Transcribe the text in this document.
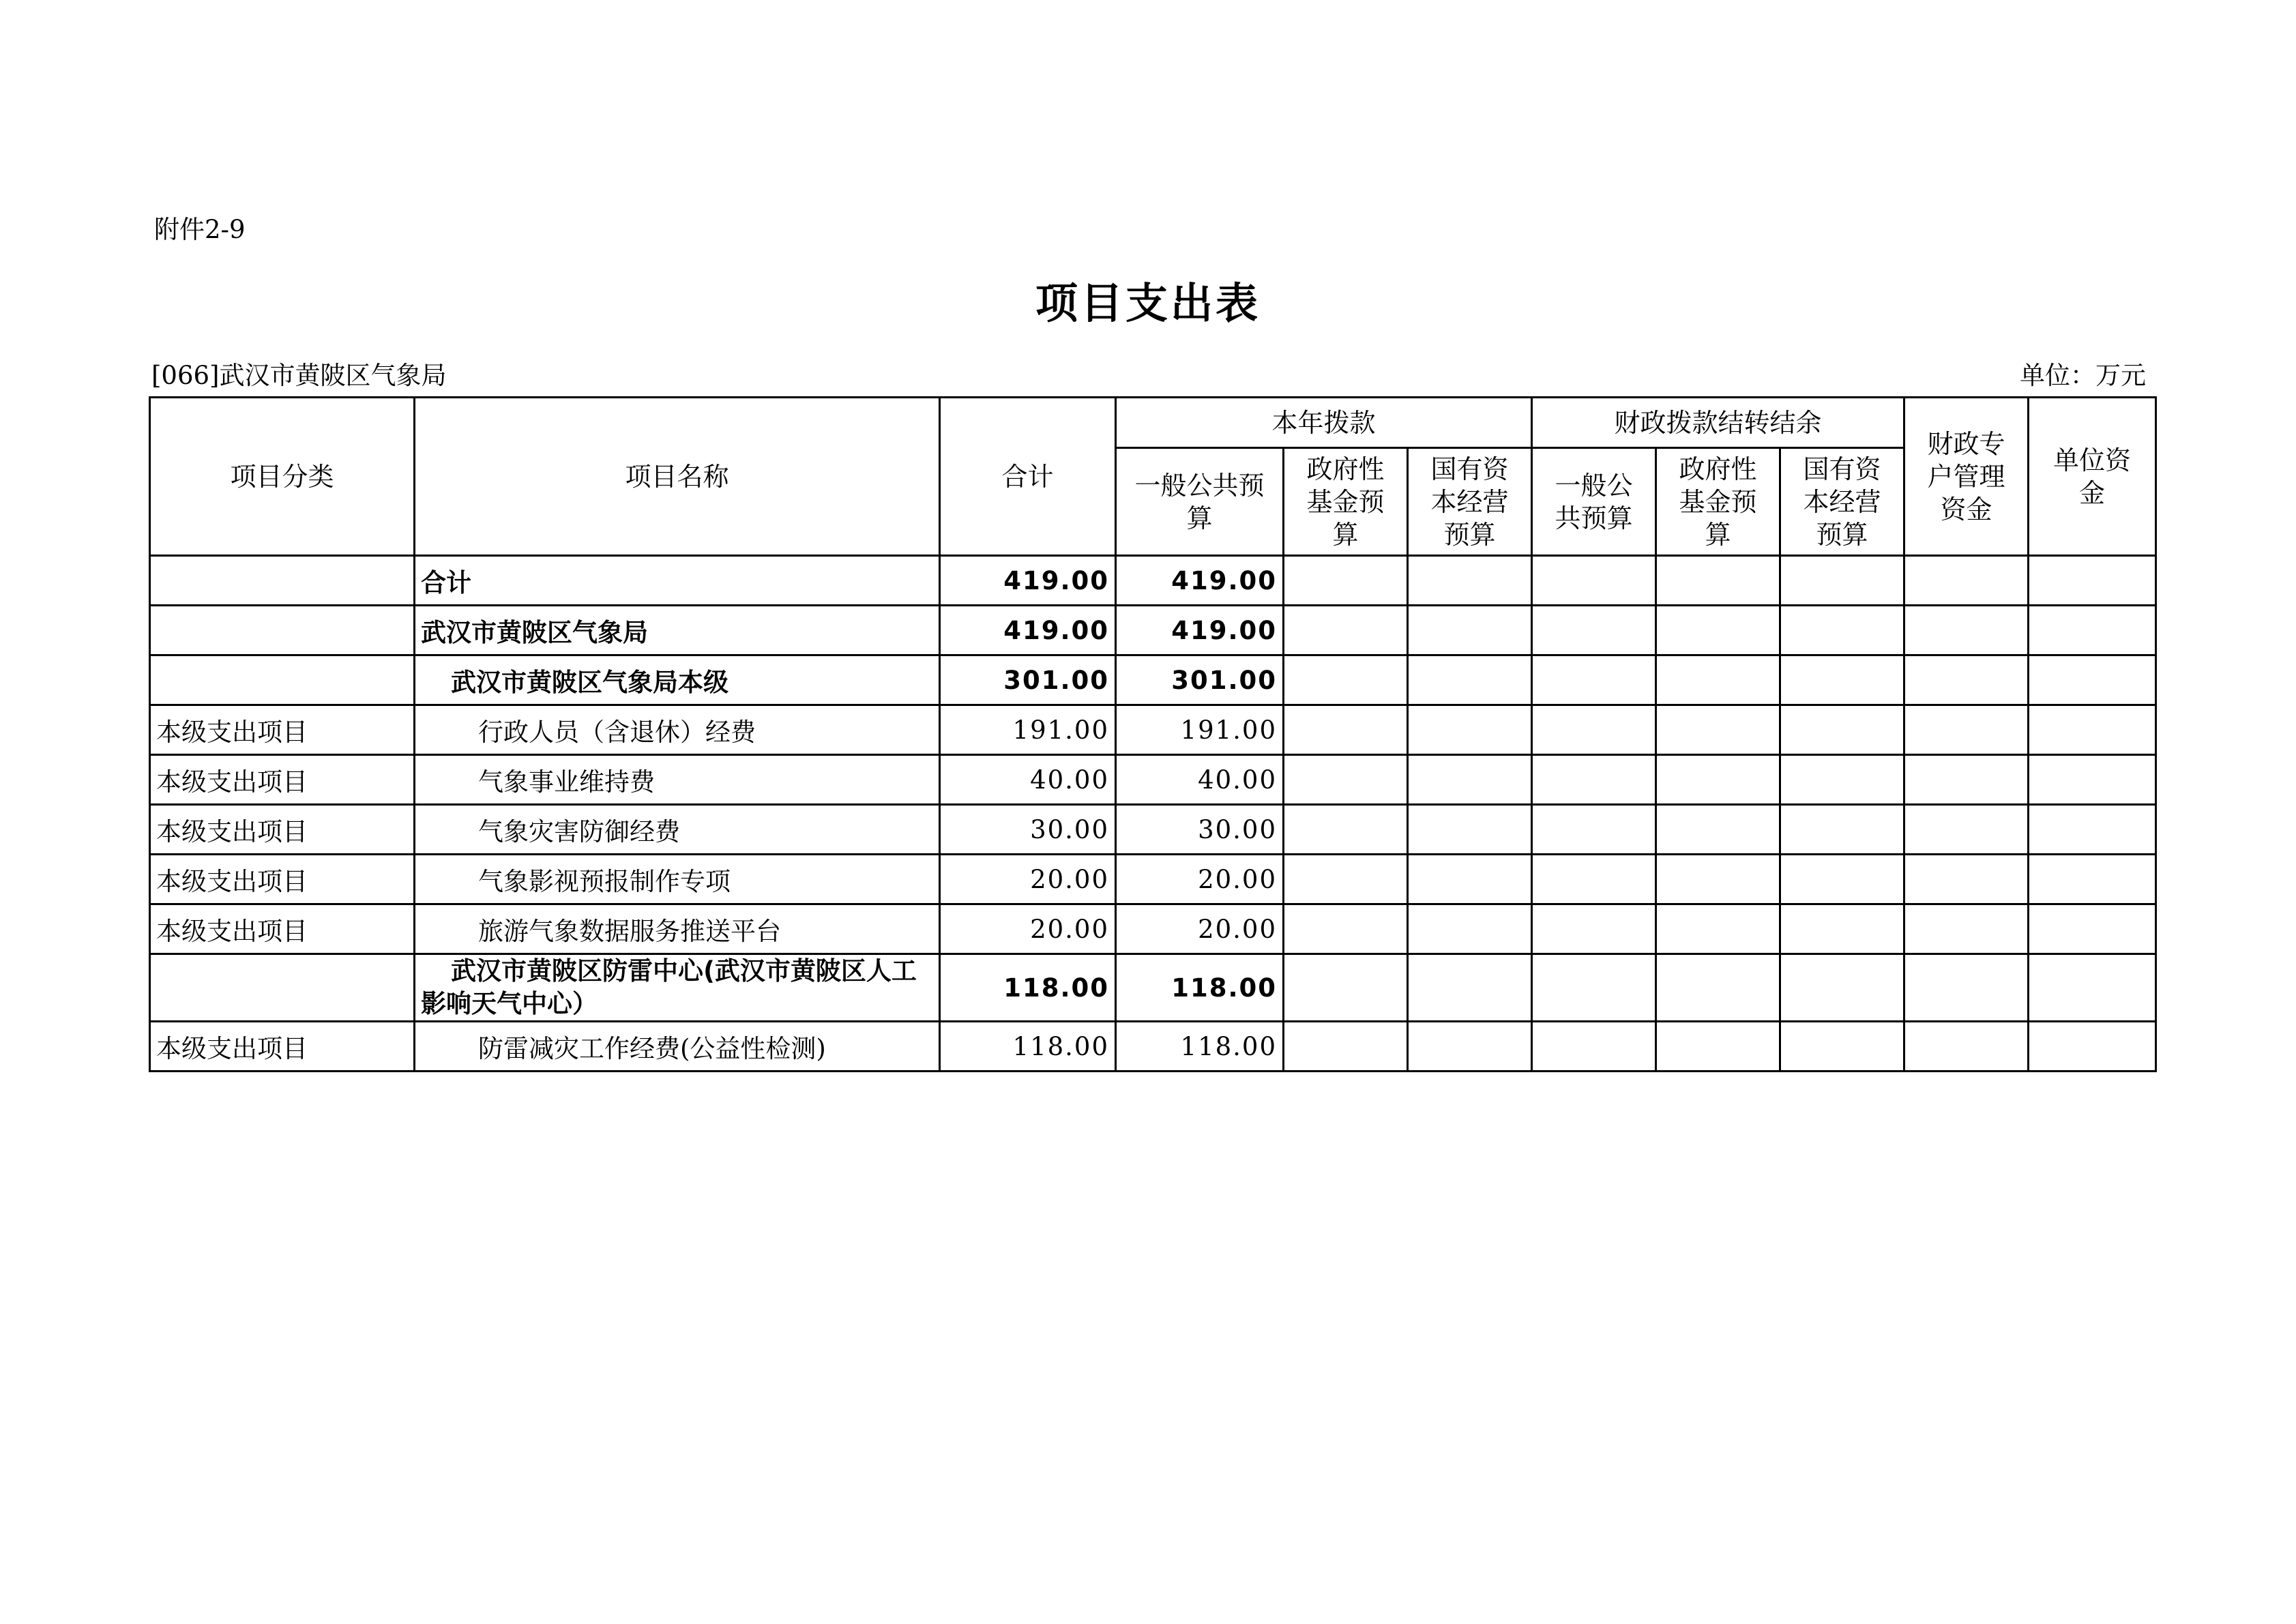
附件2-9
项目支出表
[066]武汉市黄陂区气象局	单位：万元
项目分类	项目名称	合计	本年拨款			财政拨款结转结余			财政专户管理资金	单位资金
			一般公共预算	政府性基金预算	国有资本经营预算	一般公共预算	政府性基金预算	国有资本经营预算		
	合计	419.00	419.00							
	武汉市黄陂区气象局	419.00	419.00							
	武汉市黄陂区气象局本级	301.00	301.00							
本级支出项目	行政人员（含退休）经费	191.00	191.00							
本级支出项目	气象事业维持费	40.00	40.00							
本级支出项目	气象灾害防御经费	30.00	30.00							
本级支出项目	气象影视预报制作专项	20.00	20.00							
本级支出项目	旅游气象数据服务推送平台	20.00	20.00							
	武汉市黄陂区防雷中心(武汉市黄陂区人工影响天气中心）	118.00	118.00							
本级支出项目	防雷减灾工作经费(公益性检测)	118.00	118.00							
